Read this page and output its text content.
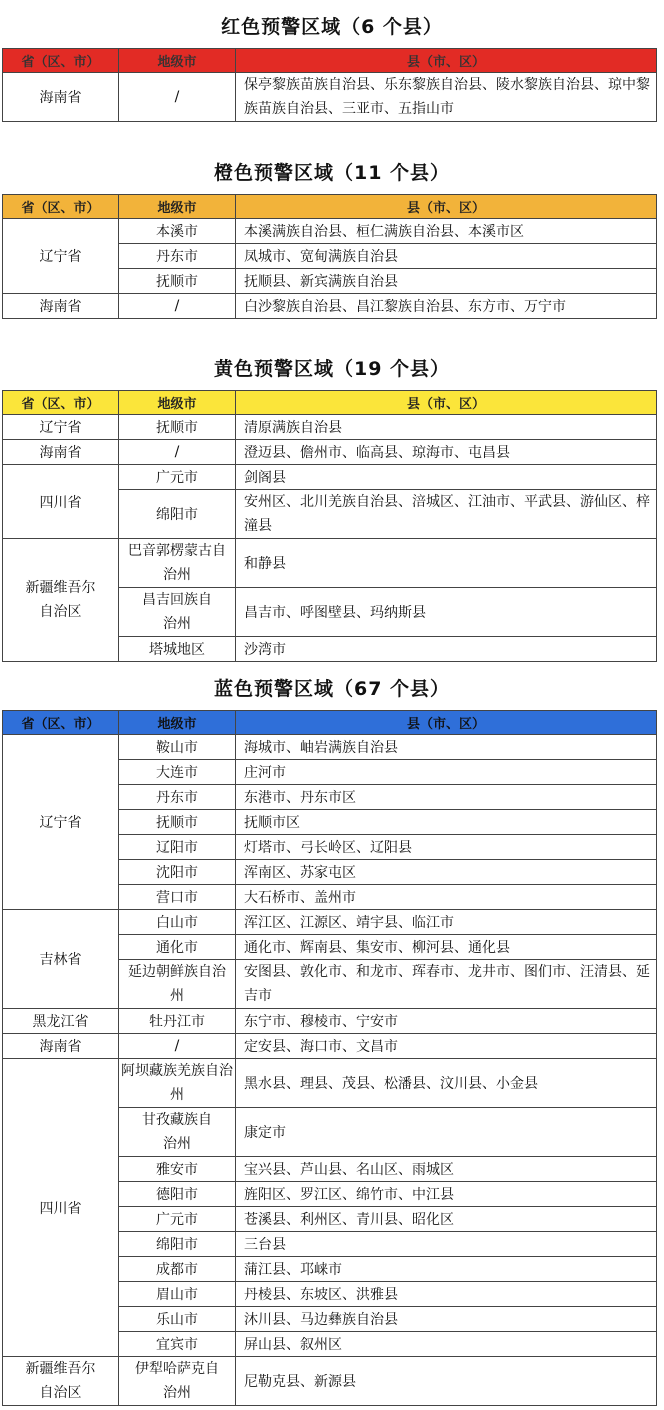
红色预警区域（6 个县）
省（区、市）	地级市	县（市、区）
海南省	/	保亭黎族苗族自治县、乐东黎族自治县、陵水黎族自治县、琼中黎族苗族自治县、三亚市、五指山市
橙色预警区域（11 个县）
省（区、市）	地级市	县（市、区）
辽宁省	本溪市	本溪满族自治县、桓仁满族自治县、本溪市区
	丹东市	凤城市、宽甸满族自治县
	抚顺市	抚顺县、新宾满族自治县
海南省	/	白沙黎族自治县、昌江黎族自治县、东方市、万宁市
黄色预警区域（19 个县）
省（区、市）	地级市	县（市、区）
辽宁省	抚顺市	清原满族自治县
海南省	/	澄迈县、儋州市、临高县、琼海市、屯昌县
四川省	广元市	剑阁县
	绵阳市	安州区、北川羌族自治县、涪城区、江油市、平武县、游仙区、梓潼县
新疆维吾尔自治区	巴音郭楞蒙古自治州	和静县
	昌吉回族自治州	昌吉市、呼图壁县、玛纳斯县
	塔城地区	沙湾市
蓝色预警区域（67 个县）
省（区、市）	地级市	县（市、区）
辽宁省	鞍山市	海城市、岫岩满族自治县
	大连市	庄河市
	丹东市	东港市、丹东市区
	抚顺市	抚顺市区
	辽阳市	灯塔市、弓长岭区、辽阳县
	沈阳市	浑南区、苏家屯区
	营口市	大石桥市、盖州市
吉林省	白山市	浑江区、江源区、靖宇县、临江市
	通化市	通化市、辉南县、集安市、柳河县、通化县
	延边朝鲜族自治州	安图县、敦化市、和龙市、珲春市、龙井市、图们市、汪清县、延吉市
黑龙江省	牡丹江市	东宁市、穆棱市、宁安市
海南省	/	定安县、海口市、文昌市
四川省	阿坝藏族羌族自治州	黑水县、理县、茂县、松潘县、汶川县、小金县
	甘孜藏族自治州	康定市
	雅安市	宝兴县、芦山县、名山区、雨城区
	德阳市	旌阳区、罗江区、绵竹市、中江县
	广元市	苍溪县、利州区、青川县、昭化区
	绵阳市	三台县
	成都市	蒲江县、邛崃市
	眉山市	丹棱县、东坡区、洪雅县
	乐山市	沐川县、马边彝族自治县
	宜宾市	屏山县、叙州区
新疆维吾尔自治区	伊犁哈萨克自治州	尼勒克县、新源县
